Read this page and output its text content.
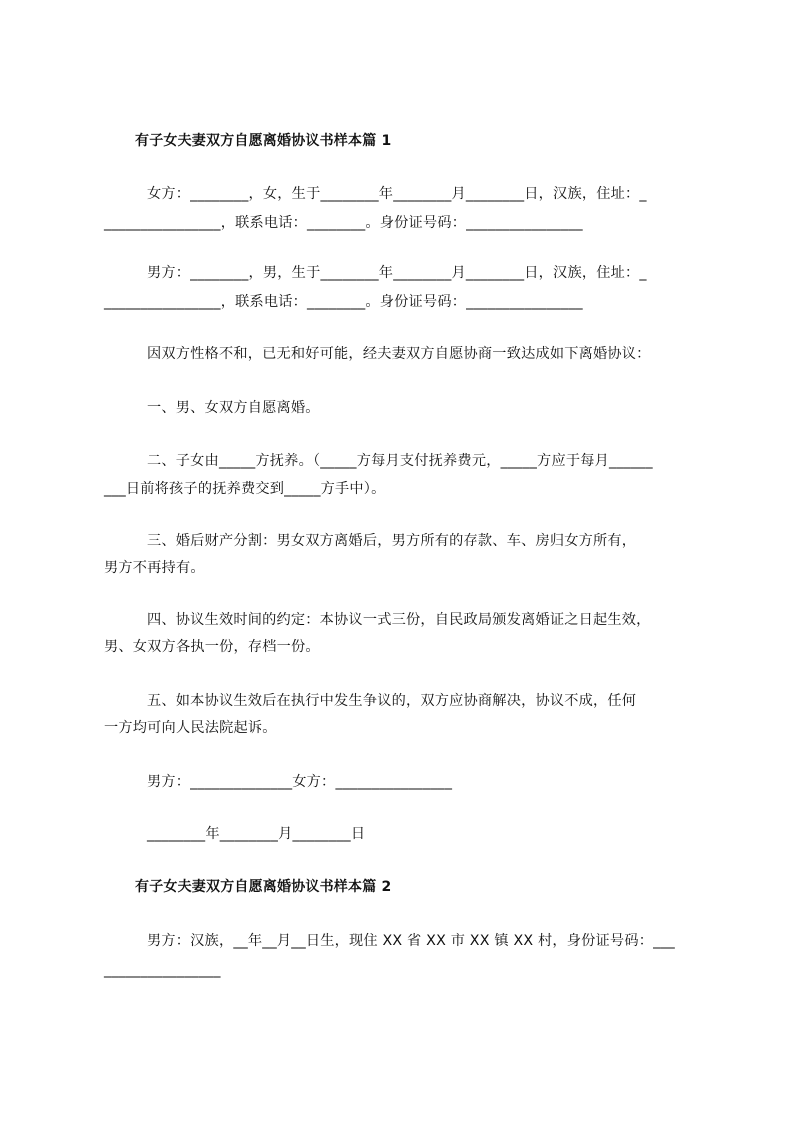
有子女夫妻双方自愿离婚协议书样本篇 1
女方：________，女，生于________年________月________日，汉族，住址：_
________________，联系电话：________。身份证号码：________________
男方：________，男，生于________年________月________日，汉族，住址：_
________________，联系电话：________。身份证号码：________________
因双方性格不和，已无和好可能，经夫妻双方自愿协商一致达成如下离婚协议：
一、男、女双方自愿离婚。
二、子女由_____方抚养。（_____方每月支付抚养费元，_____方应于每月______
___日前将孩子的抚养费交到_____方手中）。
三、婚后财产分割：男女双方离婚后，男方所有的存款、车、房归女方所有，
男方不再持有。
四、协议生效时间的约定：本协议一式三份，自民政局颁发离婚证之日起生效，
男、女双方各执一份，存档一份。
五、如本协议生效后在执行中发生争议的，双方应协商解决，协议不成，任何
一方均可向人民法院起诉。
男方：______________女方：________________
________年________月________日
有子女夫妻双方自愿离婚协议书样本篇 2
男方：汉族，__年__月__日生，现住 XX 省 XX 市 XX 镇 XX 村，身份证号码：___
________________
